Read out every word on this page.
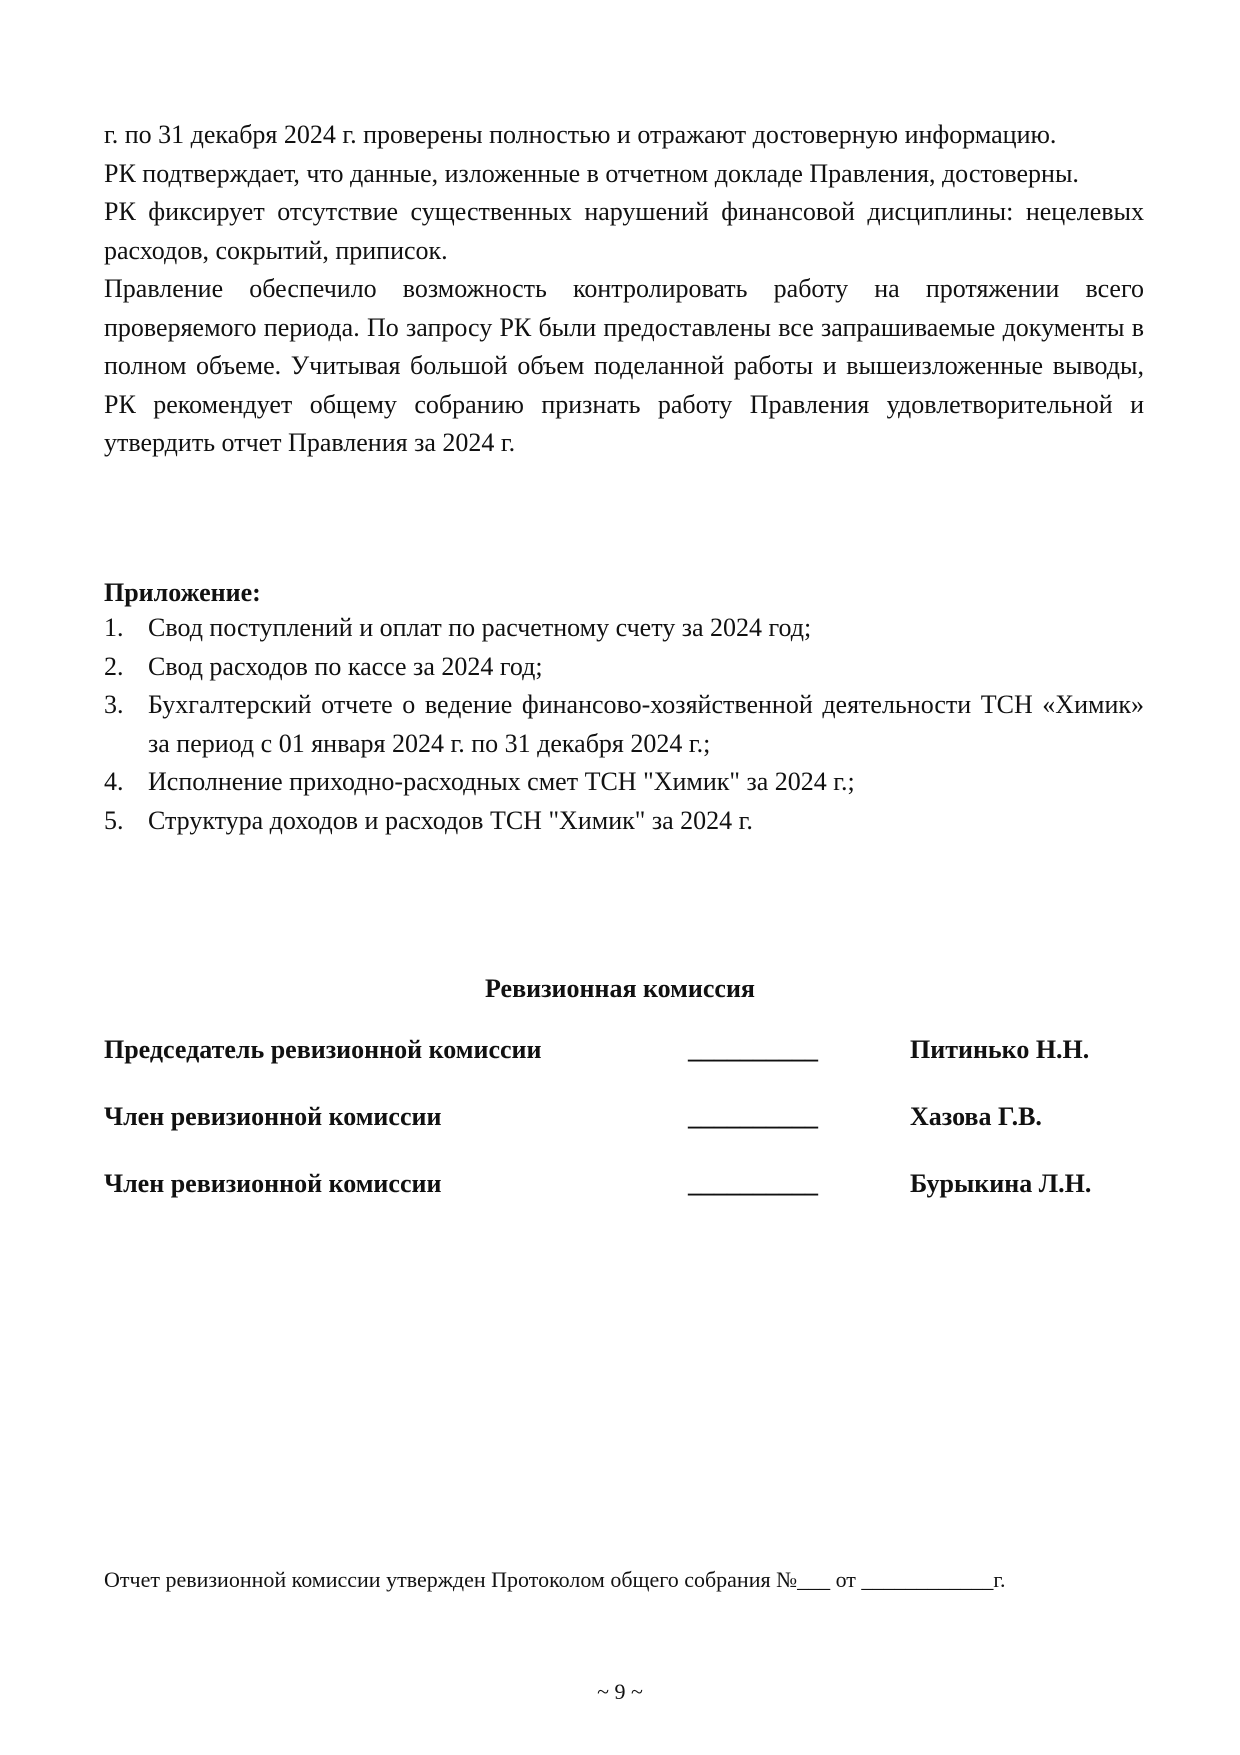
г. по 31 декабря 2024 г. проверены полностью и отражают достоверную информацию.

РК подтверждает, что данные, изложенные в отчетном докладе Правления, достоверны.

РК фиксирует отсутствие существенных нарушений финансовой дисциплины: нецелевых расходов, сокрытий, приписок.

Правление обеспечило возможность контролировать работу на протяжении всего проверяемого периода. По запросу РК были предоставлены все запрашиваемые документы в полном объеме. Учитывая большой объем поделанной работы и вышеизложенные выводы, РК рекомендует общему собранию признать работу Правления удовлетворительной и утвердить отчет Правления за 2024 г.

Приложение:
1. Свод поступлений и оплат по расчетному счету за 2024 год;
2. Свод расходов по кассе за 2024 год;
3. Бухгалтерский отчете о ведение финансово-хозяйственной деятельности ТСН «Химик» за период с 01 января 2024 г. по 31 декабря 2024 г.;
4. Исполнение приходно-расходных смет ТСН "Химик" за 2024 г.;
5. Структура доходов и расходов ТСН "Химик" за 2024 г.
Ревизионная комиссия
Председатель ревизионной комиссии	__________	Питинько Н.Н.
Член ревизионной комиссии	__________	Хазова Г.В.
Член ревизионной комиссии	__________	Бурыкина Л.Н.
Отчет ревизионной комиссии утвержден Протоколом общего собрания №___ от ____________г.
~ 9 ~
